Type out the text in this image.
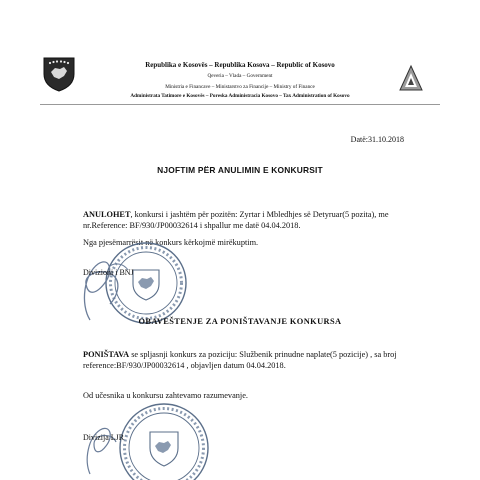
Republika e Kosovës – Republika Kosova – Republic of Kosovo
Qeveria – Vlada – Government
Ministria e Financave – Ministarstvo za Financije – Ministry of Finance
Administrata Tatimore e Kosovës – Poreska Administracia Kosovo – Tax Administration of Kosovo
Datë:31.10.2018
NJOFTIM PËR ANULIMIN E KONKURSIT
ANULOHET, konkursi i jashtëm për pozitën: Zyrtar i Mbledhjes së Detyruar(5 pozita), me nr.Reference: BF/930/JP00032614 i shpallur me datë 04.04.2018.
Nga pjesëmarrësit në konkurs kërkojmë mirëkuptim.
Divizioni i BNJ
OBAVEŠTENJE ZA PONIŠTAVANJE KONKURSA
PONIŠTAVA se spljasnji konkurs za poziciju: Službenik prinudne naplate(5 pozicije) , sa broj reference:BF/930/JP00032614 , objavljen datum 04.04.2018.
Od učesnika u konkursu zahtevamo razumevanje.
Divizija LJR
